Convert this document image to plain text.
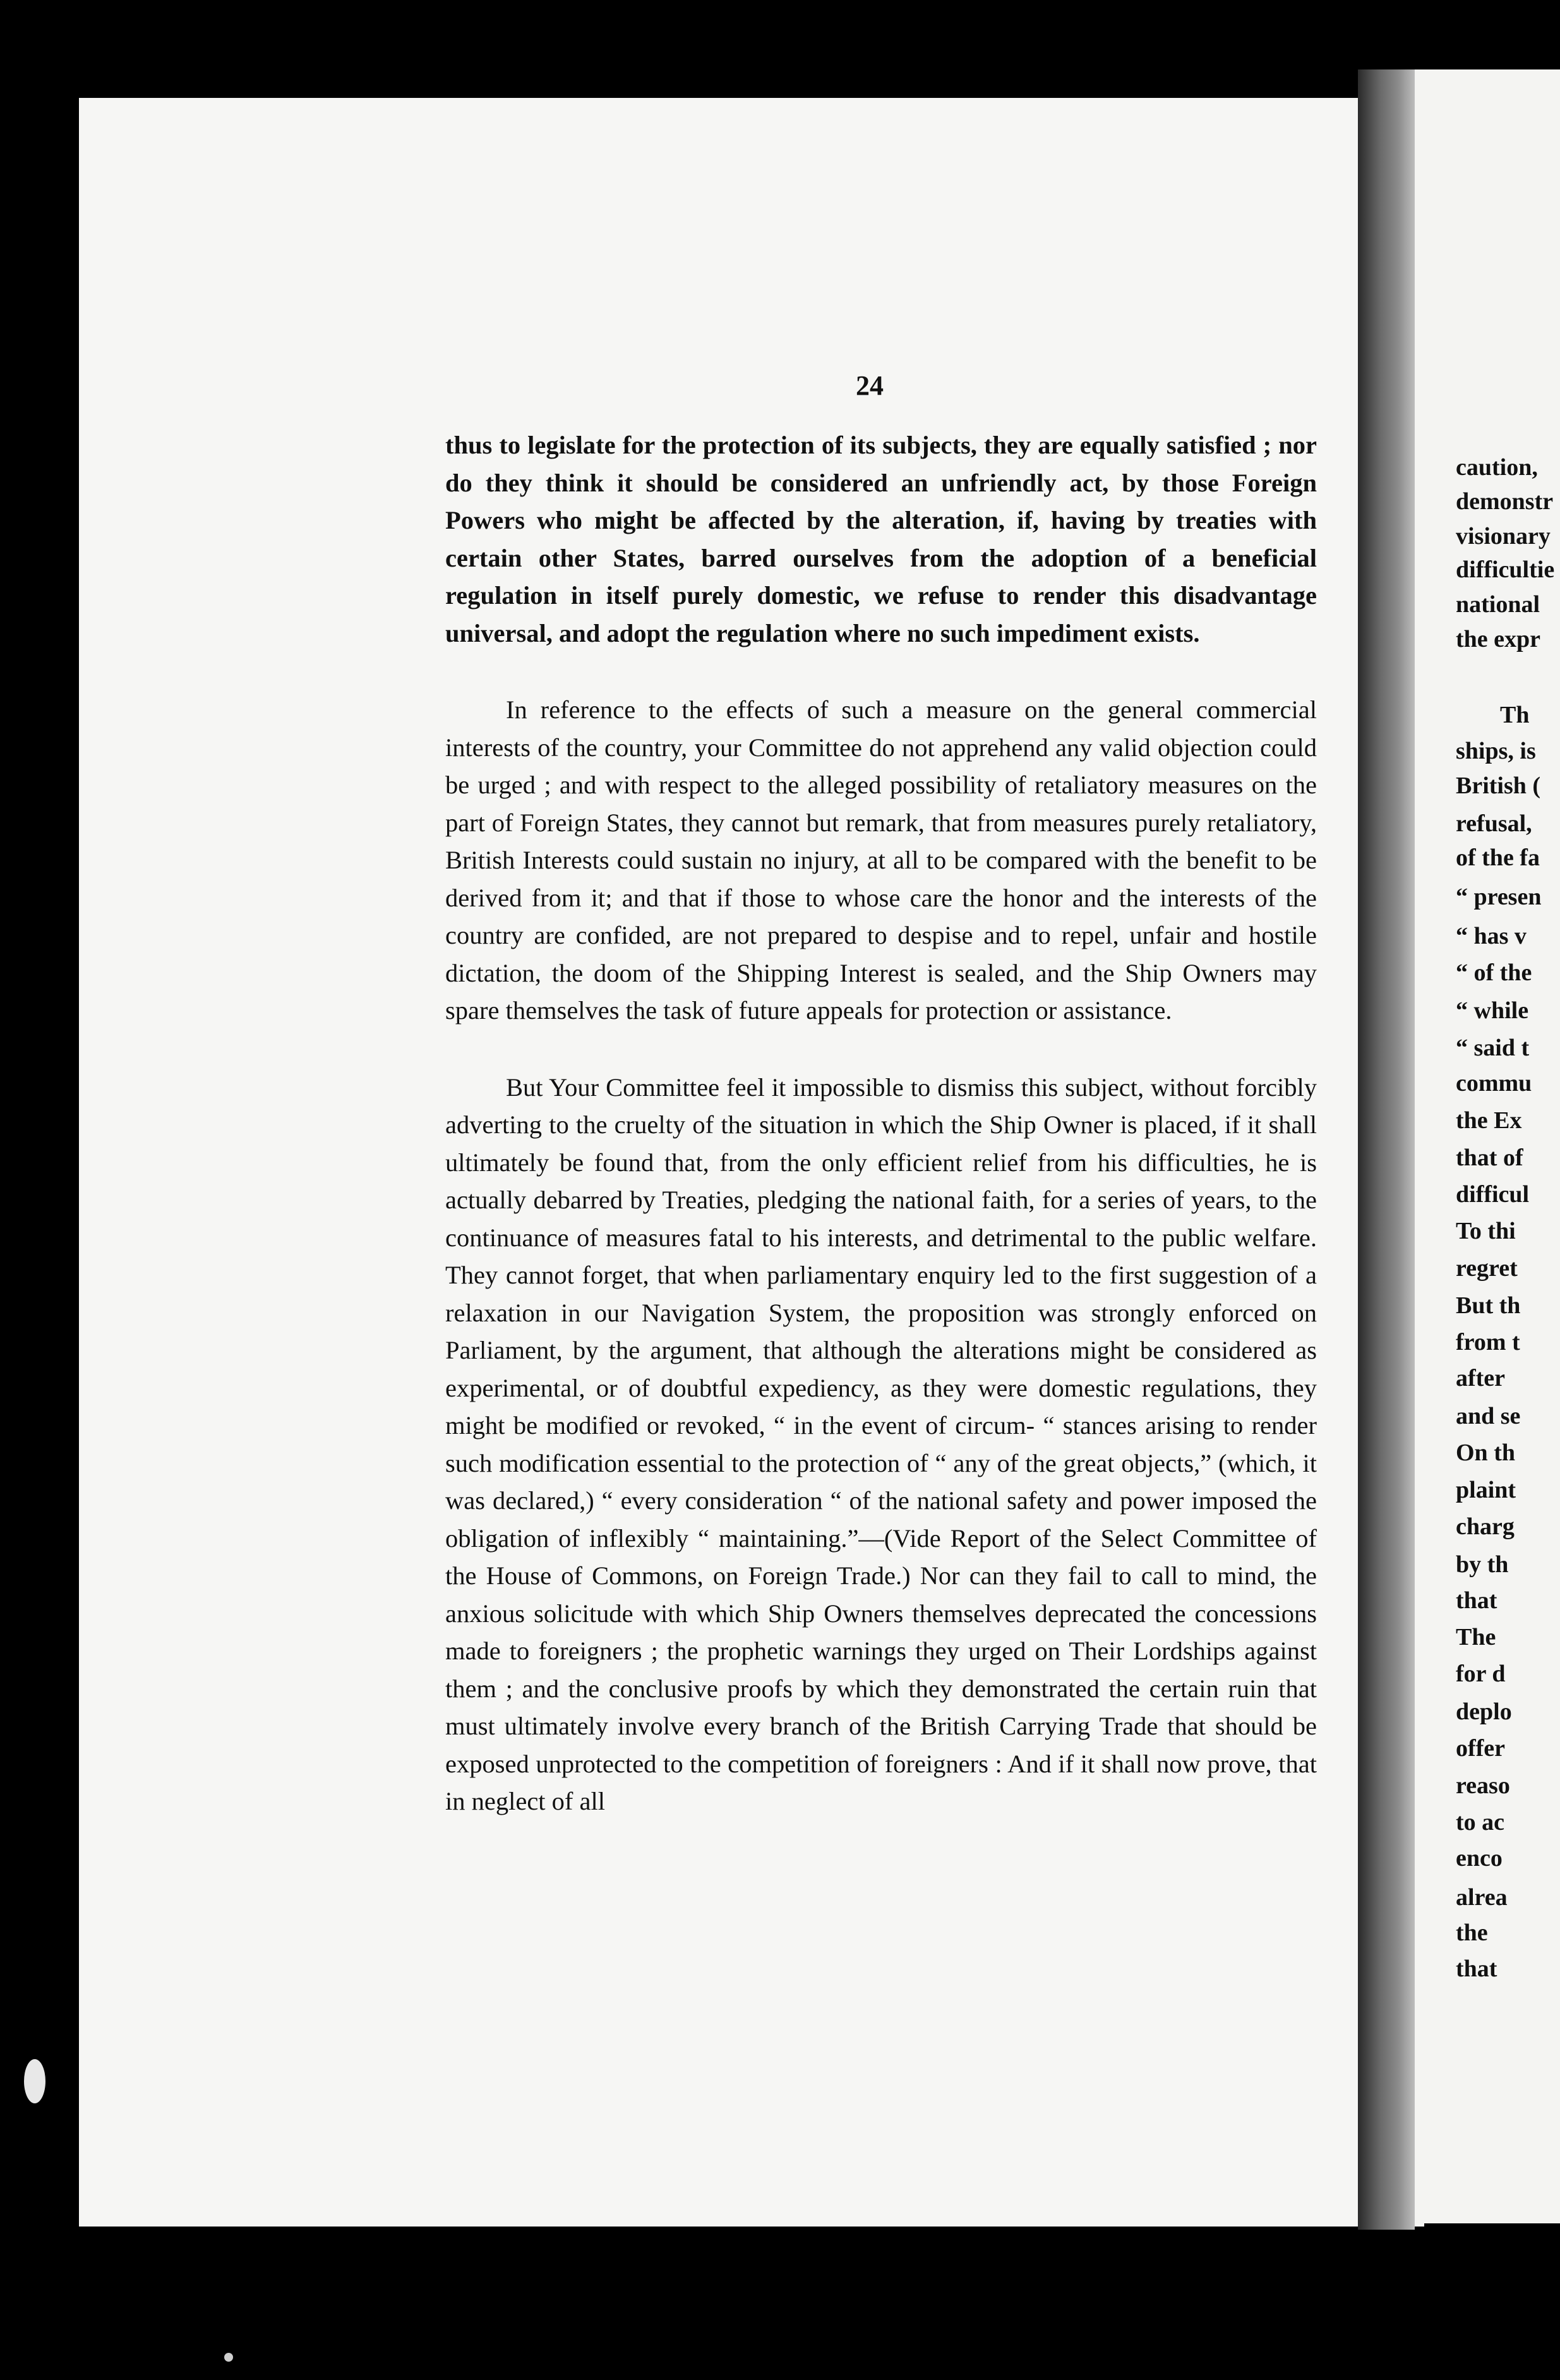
24

thus to legislate for the protection of its subjects, they are equally satisfied ; nor do they think it should be considered an unfriendly act, by those Foreign Powers who might be affected by the alteration, if, having by treaties with certain other States, barred ourselves from the adoption of a beneficial regulation in itself purely domestic, we refuse to render this disadvantage universal, and adopt the regulation where no such impediment exists.

In reference to the effects of such a measure on the general commercial interests of the country, your Committee do not apprehend any valid objection could be urged ; and with respect to the alleged possibility of retaliatory measures on the part of Foreign States, they cannot but remark, that from measures purely retaliatory, British Interests could sustain no injury, at all to be compared with the benefit to be derived from it; and that if those to whose care the honor and the interests of the country are confided, are not prepared to despise and to repel, unfair and hostile dictation, the doom of the Shipping Interest is sealed, and the Ship Owners may spare themselves the task of future appeals for protection or assistance.

But Your Committee feel it impossible to dismiss this subject, without forcibly adverting to the cruelty of the situation in which the Ship Owner is placed, if it shall ultimately be found that, from the only efficient relief from his difficulties, he is actually debarred by Treaties, pledging the national faith, for a series of years, to the continuance of measures fatal to his interests, and detrimental to the public welfare. They cannot forget, that when parliamentary enquiry led to the first suggestion of a relaxation in our Navigation System, the proposition was strongly enforced on Parliament, by the argument, that although the alterations might be considered as experimental, or of doubtful expediency, as they were domestic regulations, they might be modified or revoked, “ in the event of circum- “ stances arising to render such modification essential to the protection of “ any of the great objects,” (which, it was declared,) “ every consideration “ of the national safety and power imposed the obligation of inflexibly “ maintaining.”—(Vide Report of the Select Committee of the House of Commons, on Foreign Trade.) Nor can they fail to call to mind, the anxious solicitude with which Ship Owners themselves deprecated the concessions made to foreigners ; the prophetic warnings they urged on Their Lordships against them ; and the conclusive proofs by which they demonstrated the certain ruin that must ultimately involve every branch of the British Carrying Trade that should be exposed unprotected to the competition of foreigners : And if it shall now prove, that in neglect of all

caution,
demonstr
visionary
difficultie
national
the expr
Th
ships, is
British (
refusal,
of the fa
“ presen
“ has v
“ of the
“ while
“ said t
commu
the Ex
that of
difficul
To thi
regret
But th
from t
after
and se
On th
plaint
charg
by th
that
The
for d
deplo
offer
reaso
to ac
enco
alrea
the
that
